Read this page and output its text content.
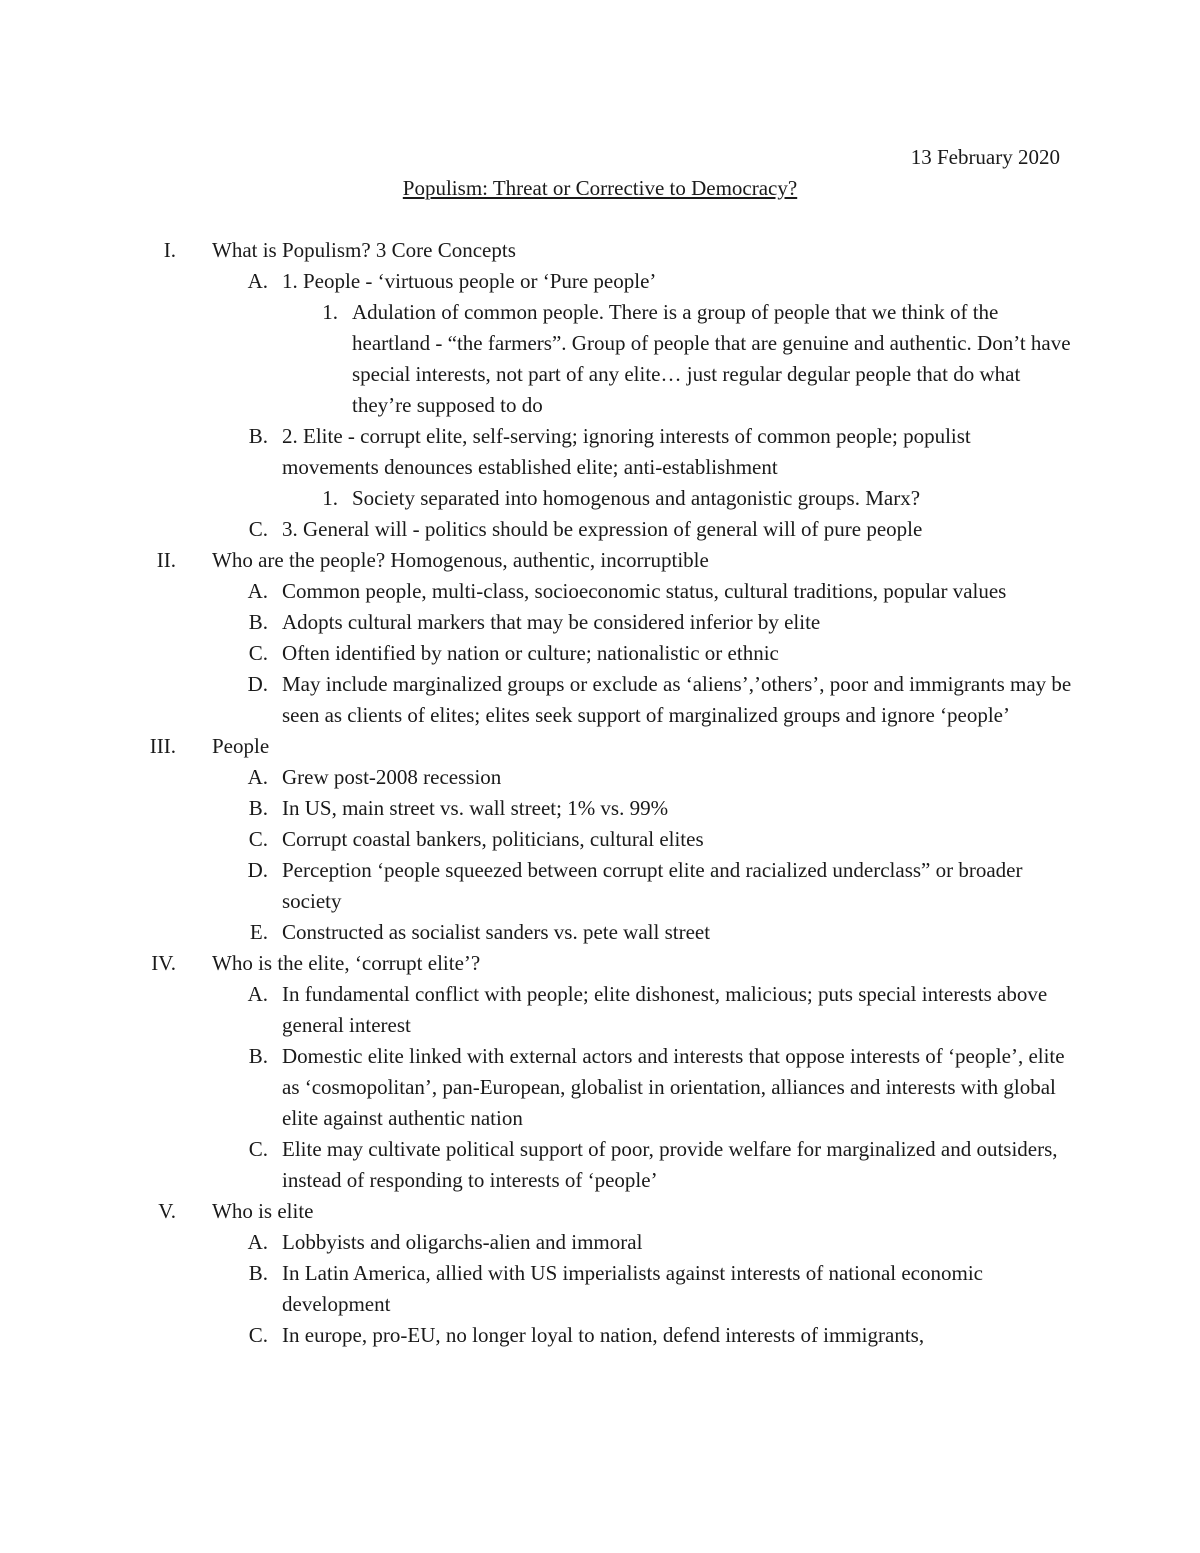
13 February 2020
Populism: Threat or Corrective to Democracy?
I. What is Populism? 3 Core Concepts
A. 1. People - ‘virtuous people or ‘Pure people’
1. Adulation of common people. There is a group of people that we think of the heartland - “the farmers”. Group of people that are genuine and authentic. Don’t have special interests, not part of any elite… just regular degular people that do what they’re supposed to do
B. 2. Elite - corrupt elite, self-serving; ignoring interests of common people; populist movements denounces established elite; anti-establishment
1. Society separated into homogenous and antagonistic groups. Marx?
C. 3. General will - politics should be expression of general will of pure people
II. Who are the people? Homogenous, authentic, incorruptible
A. Common people, multi-class, socioeconomic status, cultural traditions, popular values
B. Adopts cultural markers that may be considered inferior by elite
C. Often identified by nation or culture; nationalistic or ethnic
D. May include marginalized groups or exclude as ‘aliens’,’others’, poor and immigrants may be seen as clients of elites; elites seek support of marginalized groups and ignore ‘people’
III. People
A. Grew post-2008 recession
B. In US, main street vs. wall street; 1% vs. 99%
C. Corrupt coastal bankers, politicians, cultural elites
D. Perception ‘people squeezed between corrupt elite and racialized underclass” or broader society
E. Constructed as socialist sanders vs. pete wall street
IV. Who is the elite, ‘corrupt elite’?
A. In fundamental conflict with people; elite dishonest, malicious; puts special interests above general interest
B. Domestic elite linked with external actors and interests that oppose interests of ‘people’, elite as ‘cosmopolitan’, pan-European, globalist in orientation, alliances and interests with global elite against authentic nation
C. Elite may cultivate political support of poor, provide welfare for marginalized and outsiders, instead of responding to interests of ‘people’
V. Who is elite
A. Lobbyists and oligarchs-alien and immoral
B. In Latin America, allied with US imperialists against interests of national economic development
C. In europe, pro-EU, no longer loyal to nation, defend interests of immigrants,
